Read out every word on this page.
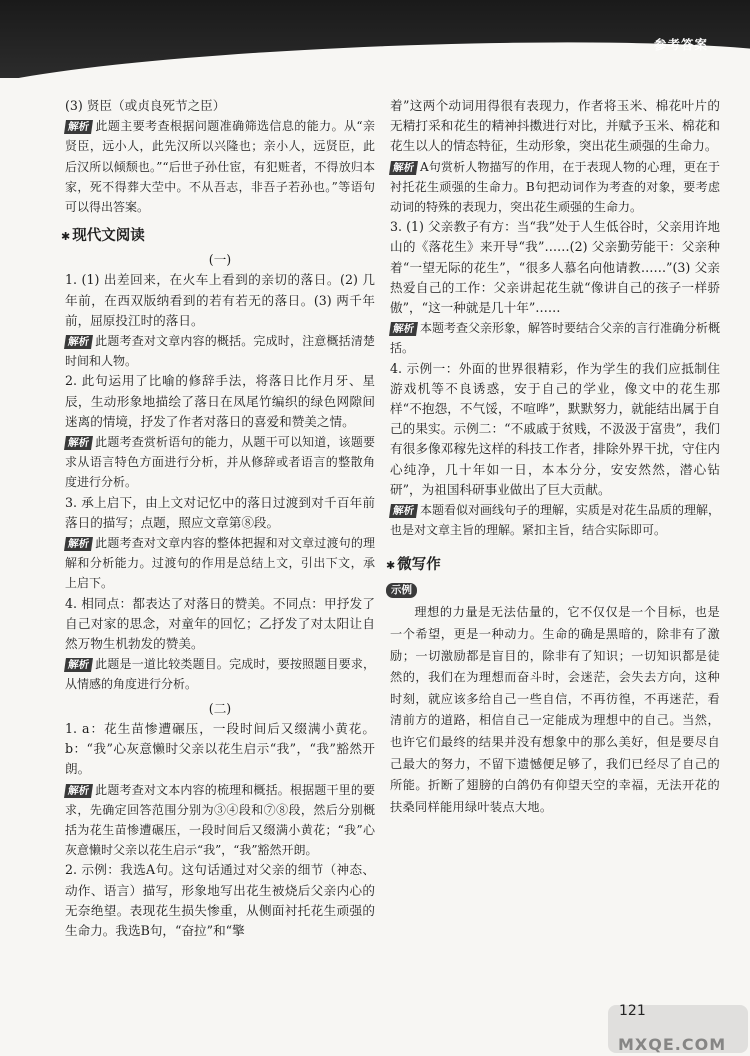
参考答案
(3) 贤臣（或贞良死节之臣）
解析 此题主要考查根据问题准确筛选信息的能力。从“亲贤臣，远小人，此先汉所以兴隆也；亲小人，远贤臣，此后汉所以倾颓也。”“后世子孙仕宦，有犯赃者，不得放归本家，死不得葬大茔中。不从吾志，非吾子若孙也。”等语句可以得出答案。
✱ 现代文阅读
(一)
1. (1) 出差回来，在火车上看到的亲切的落日。(2) 几年前，在西双版纳看到的若有若无的落日。(3) 两千年前，屈原投江时的落日。
解析 此题考查对文章内容的概括。完成时，注意概括清楚时间和人物。
2. 此句运用了比喻的修辞手法，将落日比作月牙、星辰，生动形象地描绘了落日在凤尾竹编织的绿色网隙间迷离的情境，抒发了作者对落日的喜爱和赞美之情。
解析 此题考查赏析语句的能力，从题干可以知道，该题要求从语言特色方面进行分析，并从修辞或者语言的整散角度进行分析。
3. 承上启下，由上文对记忆中的落日过渡到对千百年前落日的描写；点题，照应文章第⑧段。
解析 此题考查对文章内容的整体把握和对文章过渡句的理解和分析能力。过渡句的作用是总结上文，引出下文，承上启下。
4. 相同点：都表达了对落日的赞美。不同点：甲抒发了自己对家的思念，对童年的回忆；乙抒发了对太阳让自然万物生机勃发的赞美。
解析 此题是一道比较类题目。完成时，要按照题目要求，从情感的角度进行分析。
(二)
1. a：花生苗惨遭碾压，一段时间后又缀满小黄花。b：“我”心灰意懒时父亲以花生启示“我”，“我”豁然开朗。
解析 此题考查对文本内容的梳理和概括。根据题干里的要求，先确定回答范围分别为③④段和⑦⑧段，然后分别概括为花生苗惨遭碾压，一段时间后又缀满小黄花；“我”心灰意懒时父亲以花生启示“我”，“我”豁然开朗。
2. 示例：我选A句。这句话通过对父亲的细节（神态、动作、语言）描写，形象地写出花生被烧后父亲内心的无奈绝望。表现花生损失惨重，从侧面衬托花生顽强的生命力。我选B句，“奋拉”和“擎
着”这两个动词用得很有表现力，作者将玉米、棉花叶片的无精打采和花生的精神抖擞进行对比，并赋予玉米、棉花和花生以人的情态特征，生动形象，突出花生顽强的生命力。
解析 A句赏析人物描写的作用，在于表现人物的心理，更在于衬托花生顽强的生命力。B句把动词作为考查的对象，要考虑动词的特殊的表现力，突出花生顽强的生命力。
3. (1) 父亲教子有方：当“我”处于人生低谷时，父亲用许地山的《落花生》来开导“我”……(2) 父亲勤劳能干：父亲种着“一望无际的花生”，“很多人慕名向他请教……”(3) 父亲热爱自己的工作：父亲讲起花生就“像讲自己的孩子一样骄傲”，“这一种就是几十年”……
解析 本题考查父亲形象，解答时要结合父亲的言行准确分析概括。
4. 示例一：外面的世界很精彩，作为学生的我们应抵制住游戏机等不良诱惑，安于自己的学业，像文中的花生那样“不抱怨，不气馁，不喧哗”，默默努力，就能结出属于自己的果实。示例二：“不戚戚于贫贱，不汲汲于富贵”，我们有很多像邓稼先这样的科技工作者，排除外界干扰，守住内心纯净，几十年如一日，本本分分，安安然然，潜心钻研”，为祖国科研事业做出了巨大贡献。
解析 本题看似对画线句子的理解，实质是对花生品质的理解，也是对文章主旨的理解。紧扣主旨，结合实际即可。
✱ 微写作
示例
理想的力量是无法估量的，它不仅仅是一个目标，也是一个希望，更是一种动力。生命的确是黑暗的，除非有了激励；一切激励都是盲目的，除非有了知识；一切知识都是徒然的，我们在为理想而奋斗时，会迷茫，会失去方向，这种时刻，就应该多给自己一些自信，不再彷徨，不再迷茫，看清前方的道路，相信自己一定能成为理想中的自己。当然，也许它们最终的结果并没有想象中的那么美好，但是要尽自己最大的努力，不留下遗憾便足够了，我们已经尽了自己的所能。折断了翅膀的白鸽仍有仰望天空的幸福，无法开花的扶桑同样能用绿叶装点大地。
121
MXQE.COM
